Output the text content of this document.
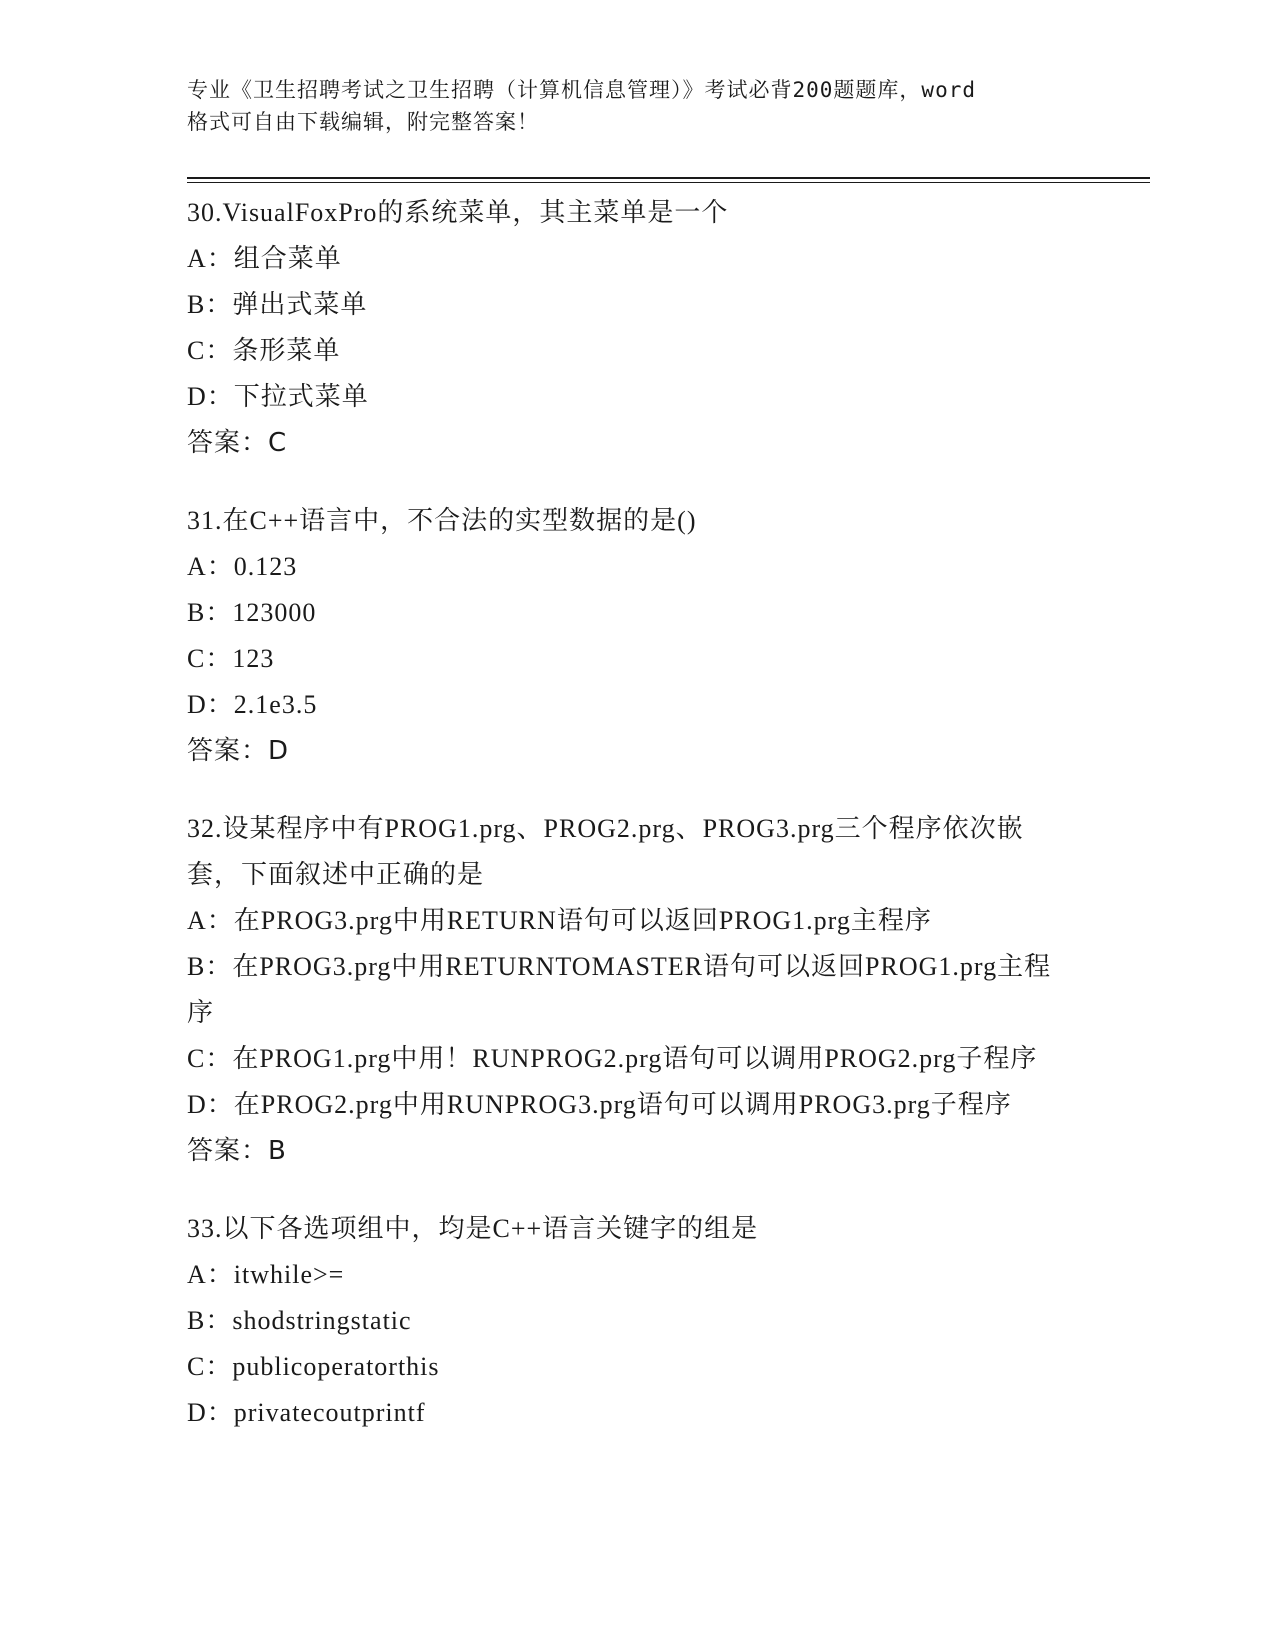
专业《卫生招聘考试之卫生招聘（计算机信息管理）》考试必背200题题库，word
格式可自由下载编辑，附完整答案！
30.VisualFoxPro的系统菜单，其主菜单是一个
A：组合菜单
B：弹出式菜单
C：条形菜单
D：下拉式菜单
答案：C
31.在C++语言中，不合法的实型数据的是()
A：0.123
B：123000
C：123
D：2.1e3.5
答案：D
32.设某程序中有PROG1.prg、PROG2.prg、PROG3.prg三个程序依次嵌
套，下面叙述中正确的是
A：在PROG3.prg中用RETURN语句可以返回PROG1.prg主程序
B：在PROG3.prg中用RETURNTOMASTER语句可以返回PROG1.prg主程
序
C：在PROG1.prg中用！RUNPROG2.prg语句可以调用PROG2.prg子程序
D：在PROG2.prg中用RUNPROG3.prg语句可以调用PROG3.prg子程序
答案：B
33.以下各选项组中，均是C++语言关键字的组是
A：itwhile>=
B：shodstringstatic
C：publicoperatorthis
D：privatecoutprintf
